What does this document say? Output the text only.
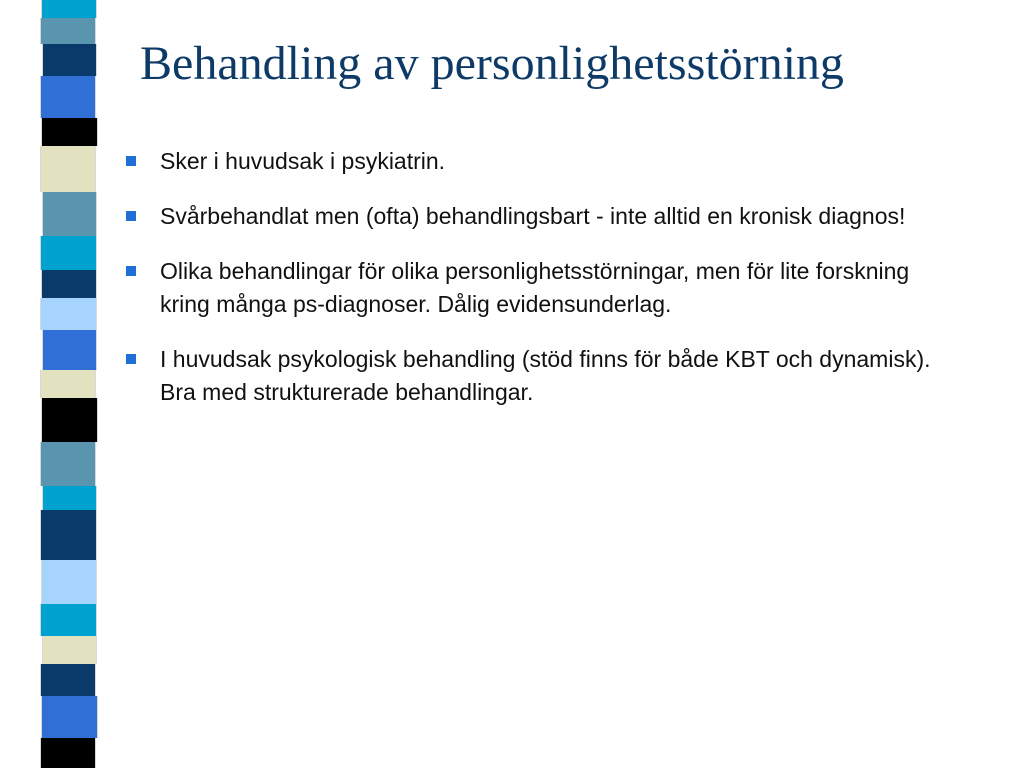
Behandling av personlighetsstörning
Sker i huvudsak i psykiatrin.
Svårbehandlat men (ofta) behandlingsbart - inte alltid en kronisk diagnos!
Olika behandlingar för olika personlighetsstörningar, men för lite forskning kring många ps-diagnoser. Dålig evidensunderlag.
I huvudsak psykologisk behandling (stöd finns för både KBT och dynamisk). Bra med strukturerade behandlingar.
